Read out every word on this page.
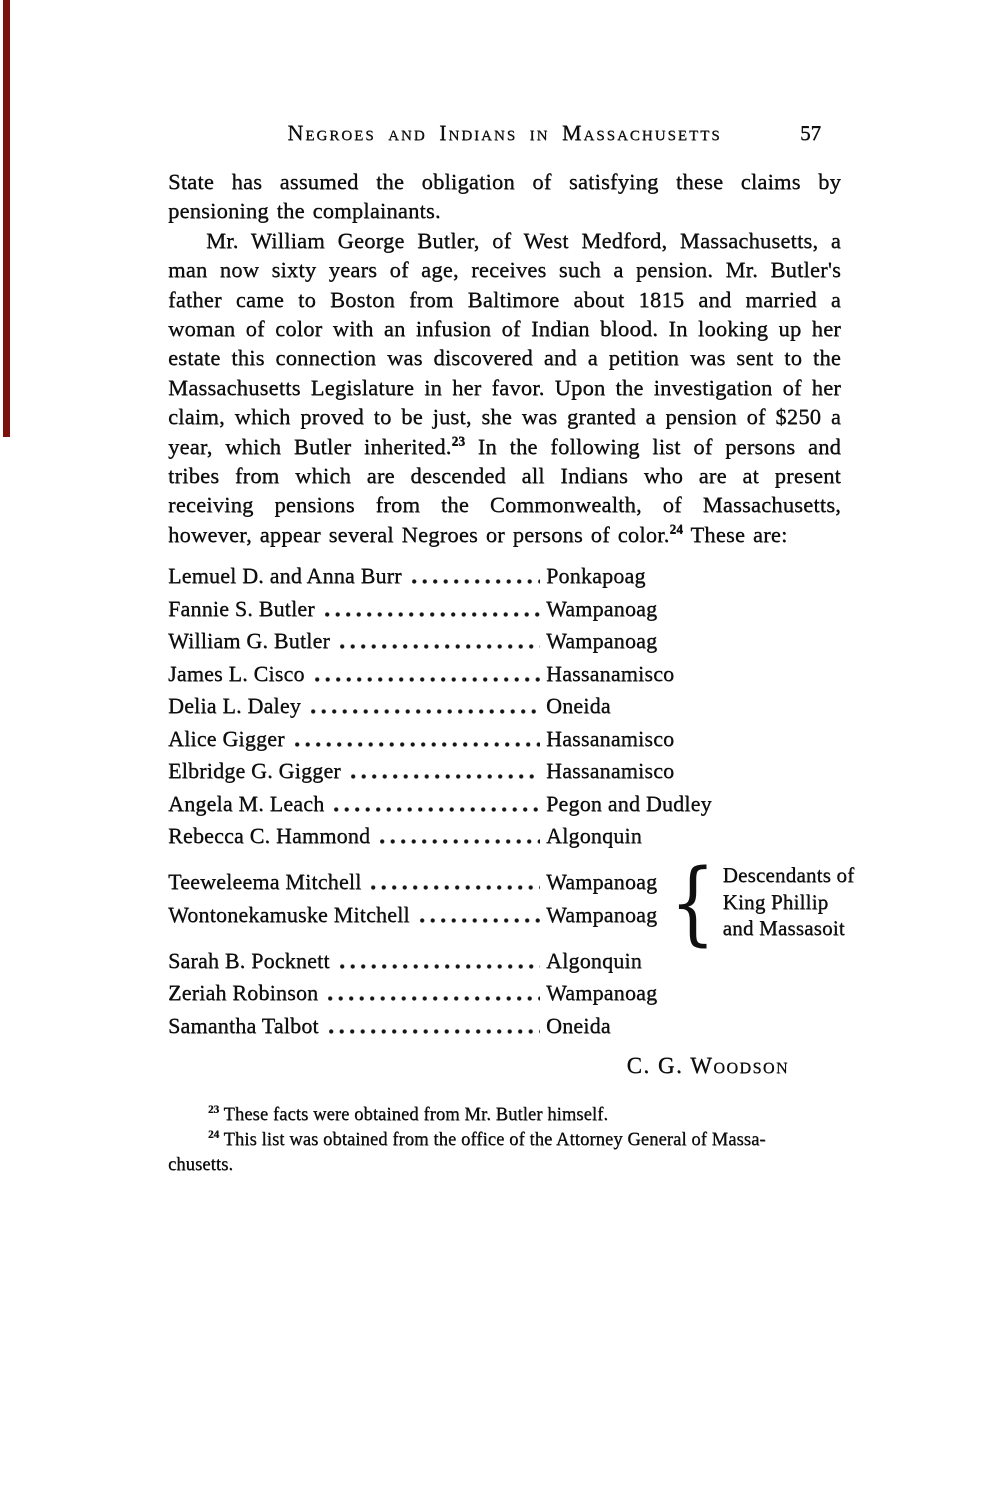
Negroes and Indians in Massachusetts	57

State has assumed the obligation of satisfying these claims by pensioning the complainants.

Mr. William George Butler, of West Medford, Massachusetts, a man now sixty years of age, receives such a pension. Mr. Butler's father came to Boston from Baltimore about 1815 and married a woman of color with an infusion of Indian blood. In looking up her estate this connection was discovered and a petition was sent to the Massachusetts Legislature in her favor. Upon the investigation of her claim, which proved to be just, she was granted a pension of $250 a year, which Butler inherited.$^{23}$ In the following list of persons and tribes from which are descended all Indians who are at present receiving pensions from the Commonwealth, of Massachusetts, however, appear several Negroes or persons of color.$^{24}$ These are:

Lemuel D. and Anna Burr	Ponkapoag
Fannie S. Butler	Wampanoag
William G. Butler	Wampanoag
James L. Cisco	Hassanamisco
Delia L. Daley	Oneida
Alice Gigger	Hassanamisco
Elbridge G. Gigger	Hassanamisco
Angela M. Leach	Pegon and Dudley
Rebecca C. Hammond	Algonquin
Teeweleema Mitchell	Wampanoag
Wontonekamuske Mitchell	Wampanoag { Descendants of
King Phillip
and Massasoit
Sarah B. Pocknett	Algonquin
Zeriah Robinson	Wampanoag
Samantha Talbot	Oneida
C. G. Woodson

$^{23}$ These facts were obtained from Mr. Butler himself.

$^{24}$ This list was obtained from the office of the Attorney General of Massa-
chusetts.
